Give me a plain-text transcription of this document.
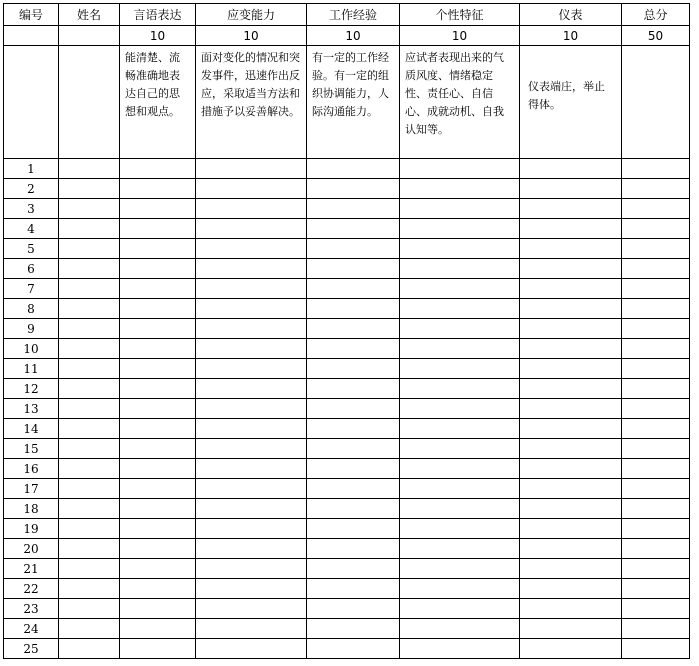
编号	姓名	言语表达	应变能力	工作经验	个性特征	仪表	总分
		10	10	10	10	10	50

		能清楚、流畅准确地表达自己的思想和观点。	面对变化的情况和突发事件，迅速作出反应，采取适当方法和措施予以妥善解决。	有一定的工作经验。有一定的组织协调能力，人际沟通能力。	应试者表现出来的气质风度、情绪稳定性、责任心、自信心、成就动机、自我认知等。	仪表端庄，举止得体。	

1							
2							
3							
4							
5							
6							
7							
8							
9							
10							
11							
12							
13							
14							
15							
16							
17							
18							
19							
20							
21							
22							
23							
24							
25							
